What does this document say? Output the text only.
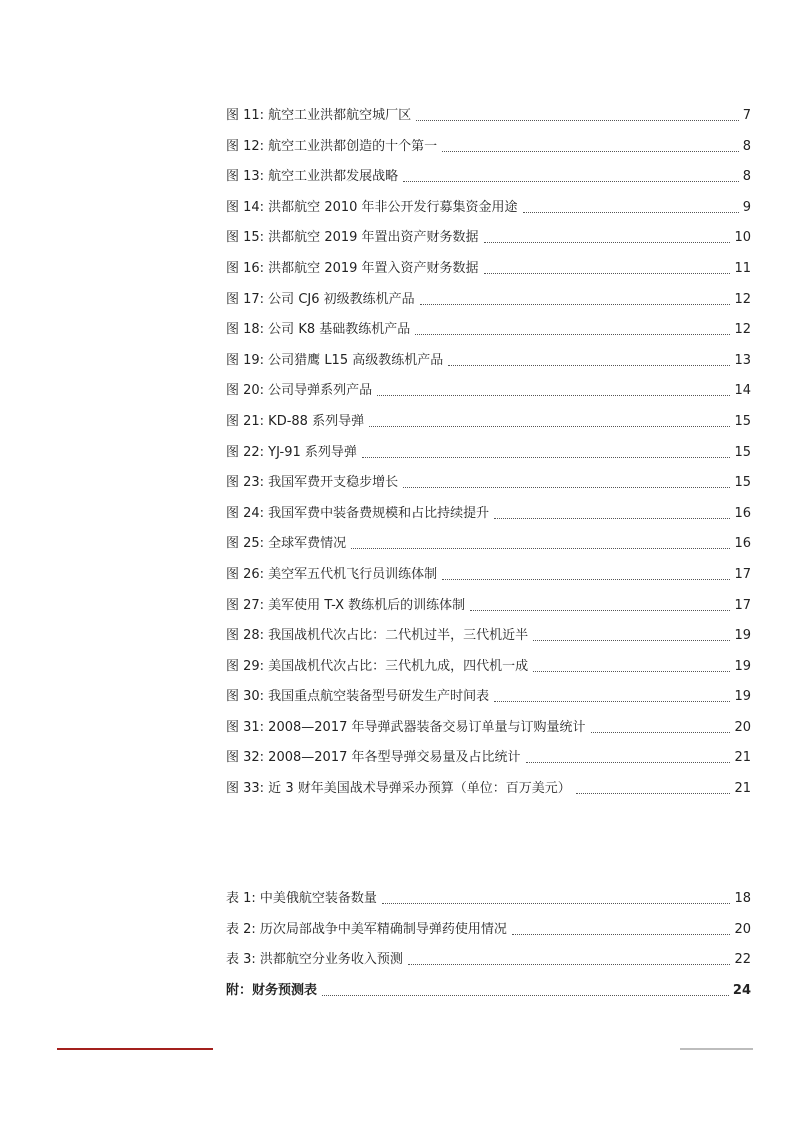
图 11: 航空工业洪都航空城厂区	7
图 12: 航空工业洪都创造的十个第一	8
图 13: 航空工业洪都发展战略	8
图 14: 洪都航空 2010 年非公开发行募集资金用途	9
图 15: 洪都航空 2019 年置出资产财务数据	10
图 16: 洪都航空 2019 年置入资产财务数据	11
图 17: 公司 CJ6 初级教练机产品	12
图 18: 公司 K8 基础教练机产品	12
图 19: 公司猎鹰 L15 高级教练机产品	13
图 20: 公司导弹系列产品	14
图 21: KD-88 系列导弹	15
图 22: YJ-91 系列导弹	15
图 23: 我国军费开支稳步增长	15
图 24: 我国军费中装备费规模和占比持续提升	16
图 25: 全球军费情况	16
图 26: 美空军五代机飞行员训练体制	17
图 27: 美军使用 T-X 教练机后的训练体制	17
图 28: 我国战机代次占比：二代机过半，三代机近半	19
图 29: 美国战机代次占比：三代机九成，四代机一成	19
图 30: 我国重点航空装备型号研发生产时间表	19
图 31: 2008—2017 年导弹武器装备交易订单量与订购量统计	20
图 32: 2008—2017 年各型导弹交易量及占比统计	21
图 33: 近 3 财年美国战术导弹采办预算（单位：百万美元）	21
表 1: 中美俄航空装备数量	18
表 2: 历次局部战争中美军精确制导弹药使用情况	20
表 3: 洪都航空分业务收入预测	22
附：财务预测表	24
